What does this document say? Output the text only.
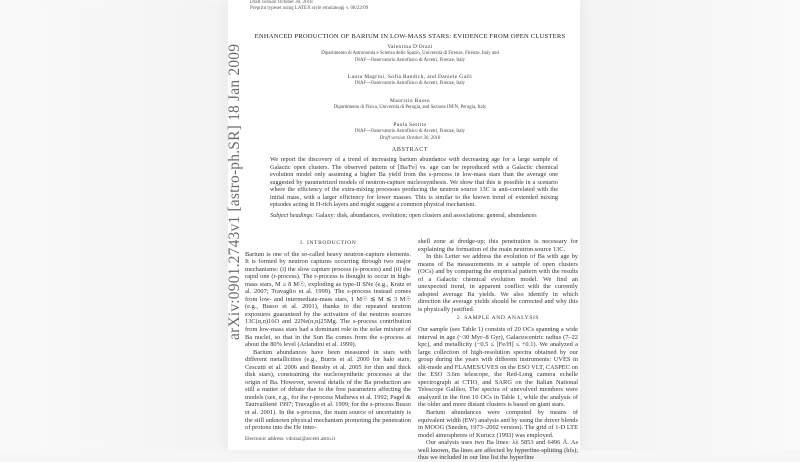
arXiv:0901.2743v1 [astro-ph.SR] 18 Jan 2009
Draft version October 30, 2018
Preprint typeset using LATEX style emulateapj v. 08/22/09
ENHANCED PRODUCTION OF BARIUM IN LOW-MASS STARS: EVIDENCE FROM OPEN CLUSTERS
Valentina D'Orazi
Dipartimento di Astronomia e Scienza dello Spazio, Università di Firenze, Firenze, Italy and
INAF—Osservatorio Astrofisico di Arcetri, Firenze, Italy
Laura Magrini, Sofia Randich, and Daniele Galli
INAF—Osservatorio Astrofisico di Arcetri, Firenze, Italy
Maurizio Busso
Dipartimento di Fisica, Università di Perugia, and Sezione INFN, Perugia, Italy
Paola Sestito
INAF—Osservatorio Astrofisico di Arcetri, Firenze, Italy
Draft version October 30, 2018
ABSTRACT
We report the discovery of a trend of increasing barium abundance with decreasing age for a large sample of Galactic open clusters. The observed pattern of [Ba/Fe] vs. age can be reproduced with a Galactic chemical evolution model only assuming a higher Ba yield from the s-process in low-mass stars than the average one suggested by parametrized models of neutron-capture nucleosynthesis. We show that this is possible in a scenario where the efficiency of the extra-mixing processes producing the neutron source 13C is anti-correlated with the initial mass, with a larger efficiency for lower masses. This is similar to the known trend of extended mixing episodes acting in H-rich layers and might suggest a common physical mechanism.
Subject headings: Galaxy: disk, abundances, evolution; open clusters and associations: general, abundances
1. INTRODUCTION

Barium is one of the so-called heavy neutron-capture elements. It is formed by neutron captures occurring through two major mechanisms: (i) the slow capture process (s-process) and (ii) the rapid one (r-process). The r-process is thought to occur in high-mass stars, M ≥ 8 M☉, exploding as type-II SNe (e.g., Kratz et al. 2007; Travaglio et al. 1999). The s-process instead comes from low- and intermediate-mass stars, 1 M☉ ≲ M ≲ 3 M☉ (e.g., Busso et al. 2001), thanks to the repeated neutron exposures guaranteed by the activation of the neutron sources 13C(α,n)16O and 22Ne(α,n)25Mg. The s-process contribution from low-mass stars had a dominant role in the solar mixture of Ba nuclei, so that in the Sun Ba comes from the s-process at about the 80% level (Arlandini et al. 1999).

Barium abundances have been measured in stars with different metallicities (e.g., Burris et al. 2000 for halo stars; Cescutti et al. 2006 and Bensby et al. 2005 for thin and thick disk stars), constraining the nucleosynthetic processes at the origin of Ba. However, several details of the Ba production are still a matter of debate due to the free parameters affecting the models (see, e.g., for the r-process Mathews et al. 1992; Pagel & Tautvaišienė 1997; Travaglio et al. 1999; for the s-process Busso et al. 2001). In the s-process, the main source of uncertainty is the still unknown physical mechanism promoting the penetration of protons into the He inter-

shell zone at dredge-up; this penetration is necessary for explaining the formation of the main neutron source 13C.

In this Letter we address the evolution of Ba with age by means of Ba measurements in a sample of open clusters (OCs) and by comparing the empirical pattern with the results of a Galactic chemical evolution model. We find an unexpected trend, in apparent conflict with the currently adopted average Ba yields. We also identify in which direction the average yields should be corrected and why this is physically justified.

2. SAMPLE AND ANALYSIS

Our sample (see Table 1) consists of 20 OCs spanning a wide interval in age (~30 Myr–8 Gyr), Galactocentric radius (7–22 kpc), and metallicity (−0.5 ≤ [Fe/H] ≤ +0.1). We analyzed a large collection of high-resolution spectra obtained by our group during the years with different instruments: UVES in slit-mode and FLAMES/UVES on the ESO VLT, CASPEC on the ESO 3.6m telescope, the Red-Long camera echelle spectrograph at CTIO, and SARG on the Italian National Telescope Galileo. The spectra of unevolved members were analyzed in the first 10 OCs in Table 1, while the analysis of the older and more distant clusters is based on giant stars.

Barium abundances were computed by means of equivalent width (EW) analysis and by using the driver blends in MOOG (Sneden, 1973–2002 version). The grid of 1-D LTE model atmospheres of Kurucz (1993) was employed.

Our analysis uses two Ba lines: λλ 5853 and 6496 Å. As well known, Ba lines are affected by hyperfine-splitting (hfs); thus we included in our line list the hyperfine

Electronic address: vdorazi@arcetri.astro.it
